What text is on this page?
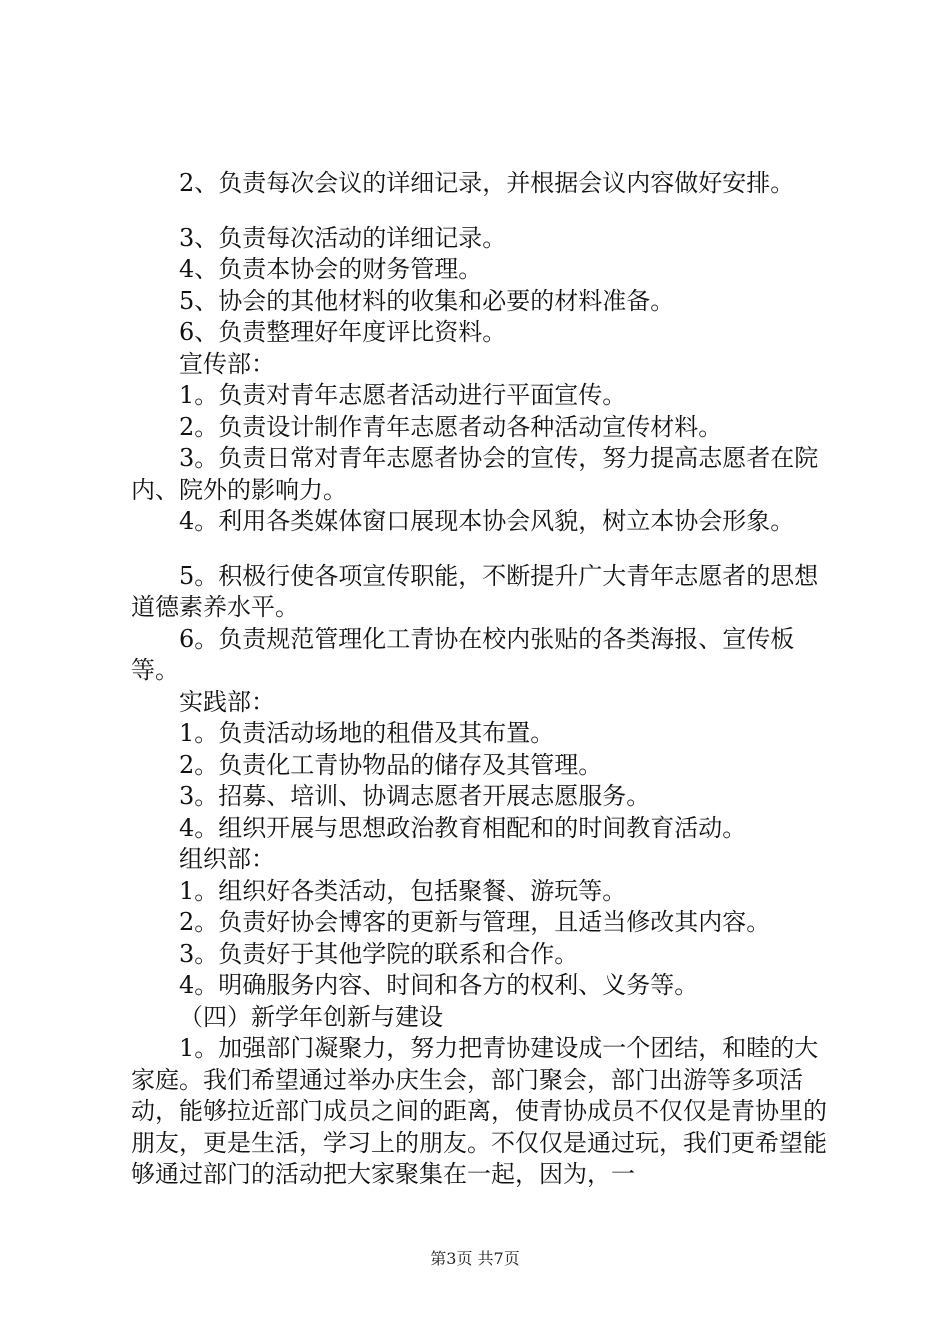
2、负责每次会议的详细记录，并根据会议内容做好安排。

3、负责每次活动的详细记录。

4、负责本协会的财务管理。

5、协会的其他材料的收集和必要的材料准备。

6、负责整理好年度评比资料。

宣传部：

1。负责对青年志愿者活动进行平面宣传。

2。负责设计制作青年志愿者动各种活动宣传材料。

3。负责日常对青年志愿者协会的宣传，努力提高志愿者在院内、院外的影响力。

4。利用各类媒体窗口展现本协会风貌，树立本协会形象。

5。积极行使各项宣传职能，不断提升广大青年志愿者的思想道德素养水平。

6。负责规范管理化工青协在校内张贴的各类海报、宣传板等。

实践部：

1。负责活动场地的租借及其布置。

2。负责化工青协物品的储存及其管理。

3。招募、培训、协调志愿者开展志愿服务。

4。组织开展与思想政治教育相配和的时间教育活动。

组织部：

1。组织好各类活动，包括聚餐、游玩等。

2。负责好协会博客的更新与管理，且适当修改其内容。

3。负责好于其他学院的联系和合作。

4。明确服务内容、时间和各方的权利、义务等。

（四）新学年创新与建设

1。加强部门凝聚力，努力把青协建设成一个团结，和睦的大家庭。我们希望通过举办庆生会，部门聚会，部门出游等多项活动，能够拉近部门成员之间的距离，使青协成员不仅仅是青协里的朋友，更是生活，学习上的朋友。不仅仅是通过玩，我们更希望能够通过部门的活动把大家聚集在一起，因为，一

第3页 共7页
